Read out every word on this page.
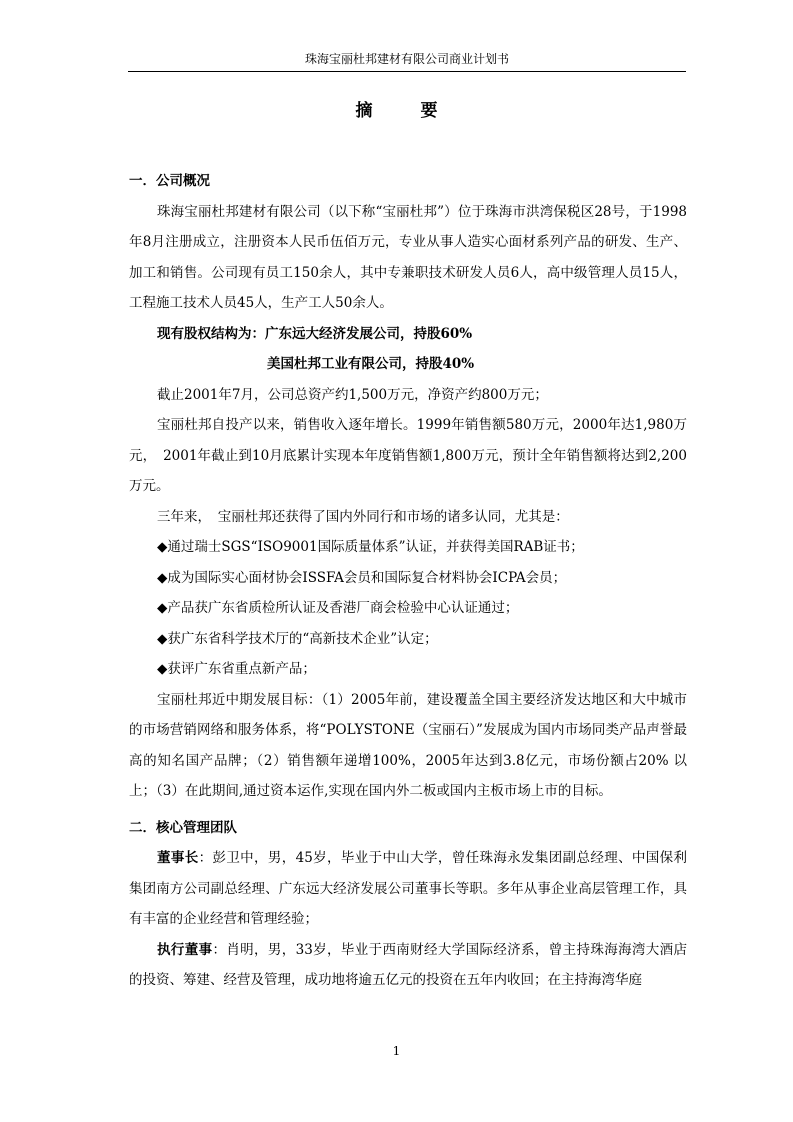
珠海宝丽杜邦建材有限公司商业计划书
摘要

一．公司概况

珠海宝丽杜邦建材有限公司（以下称“宝丽杜邦”）位于珠海市洪湾保税区28号，于1998年8月注册成立，注册资本人民币伍佰万元，专业从事人造实心面材系列产品的研发、生产、加工和销售。公司现有员工150余人，其中专兼职技术研发人员6人，高中级管理人员15人，工程施工技术人员45人，生产工人50余人。

现有股权结构为：广东远大经济发展公司，持股60%

美国杜邦工业有限公司，持股40%

截止2001年7月，公司总资产约1,500万元，净资产约800万元；

宝丽杜邦自投产以来，销售收入逐年增长。1999年销售额580万元，2000年达1,980万元，　2001年截止到10月底累计实现本年度销售额1,800万元，预计全年销售额将达到2,200万元。

三年来，　宝丽杜邦还获得了国内外同行和市场的诸多认同，尤其是：

◆通过瑞士SGS“ISO9001国际质量体系”认证，并获得美国RAB证书；

◆成为国际实心面材协会ISSFA会员和国际复合材料协会ICPA会员；

◆产品获广东省质检所认证及香港厂商会检验中心认证通过；

◆获广东省科学技术厅的“高新技术企业”认定；

◆获评广东省重点新产品；

宝丽杜邦近中期发展目标：（1）2005年前，建设覆盖全国主要经济发达地区和大中城市的市场营销网络和服务体系，将“POLYSTONE（宝丽石）”发展成为国内市场同类产品声誉最高的知名国产品牌；（2）销售额年递增100%，2005年达到3.8亿元，市场份额占20% 以上；（3）在此期间,通过资本运作,实现在国内外二板或国内主板市场上市的目标。

二．核心管理团队

董事长：彭卫中，男，45岁，毕业于中山大学，曾任珠海永发集团副总经理、中国保利集团南方公司副总经理、广东远大经济发展公司董事长等职。多年从事企业高层管理工作，具有丰富的企业经营和管理经验；

执行董事：肖明，男，33岁，毕业于西南财经大学国际经济系，曾主持珠海海湾大酒店的投资、筹建、经营及管理，成功地将逾五亿元的投资在五年内收回；在主持海湾华庭

1
